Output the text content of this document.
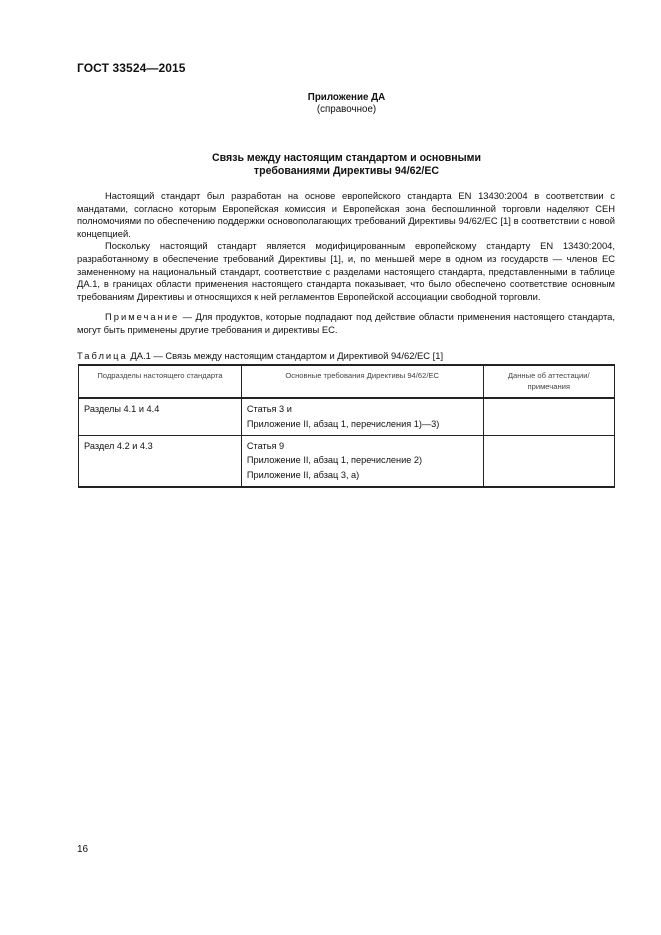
ГОСТ 33524—2015
Приложение ДА
(справочное)
Связь между настоящим стандартом и основными
требованиями Директивы 94/62/ЕС

Настоящий стандарт был разработан на основе европейского стандарта EN 13430:2004 в соответствии с мандатами, согласно которым Европейская комиссия и Европейская зона беспошлинной торговли наделяют CEH полномочиями по обеспечению поддержки основополагающих требований Директивы 94/62/ЕС [1] в соответствии с новой концепцией.

Поскольку настоящий стандарт является модифицированным европейскому стандарту EN 13430:2004, разработанному в обеспечение требований Директивы [1], и, по меньшей мере в одном из государств — членов ЕС замененному на национальный стандарт, соответствие с разделами настоящего стандарта, представленными в таблице ДА.1, в границах области применения настоящего стандарта показывает, что было обеспечено соответствие основным требованиям Директивы и относящихся к ней регламентов Европейской ассоциации свободной торговли.

Примечание — Для продуктов, которые подпадают под действие области применения настоящего стандарта, могут быть применены другие требования и директивы ЕС.

Таблица ДА.1 — Связь между настоящим стандартом и Директивой 94/62/ЕС [1]
Подразделы настоящего стандарта	Основные требования Директивы 94/62/ЕС	Данные об аттестации/ примечания
Разделы 4.1 и 4.4	Статья 3 и
Приложение II, абзац 1, перечисления 1)—3)	

Раздел 4.2 и 4.3	Статья 9
Приложение II, абзац 1, перечисление 2)
Приложение II, абзац 3, а)	

16
